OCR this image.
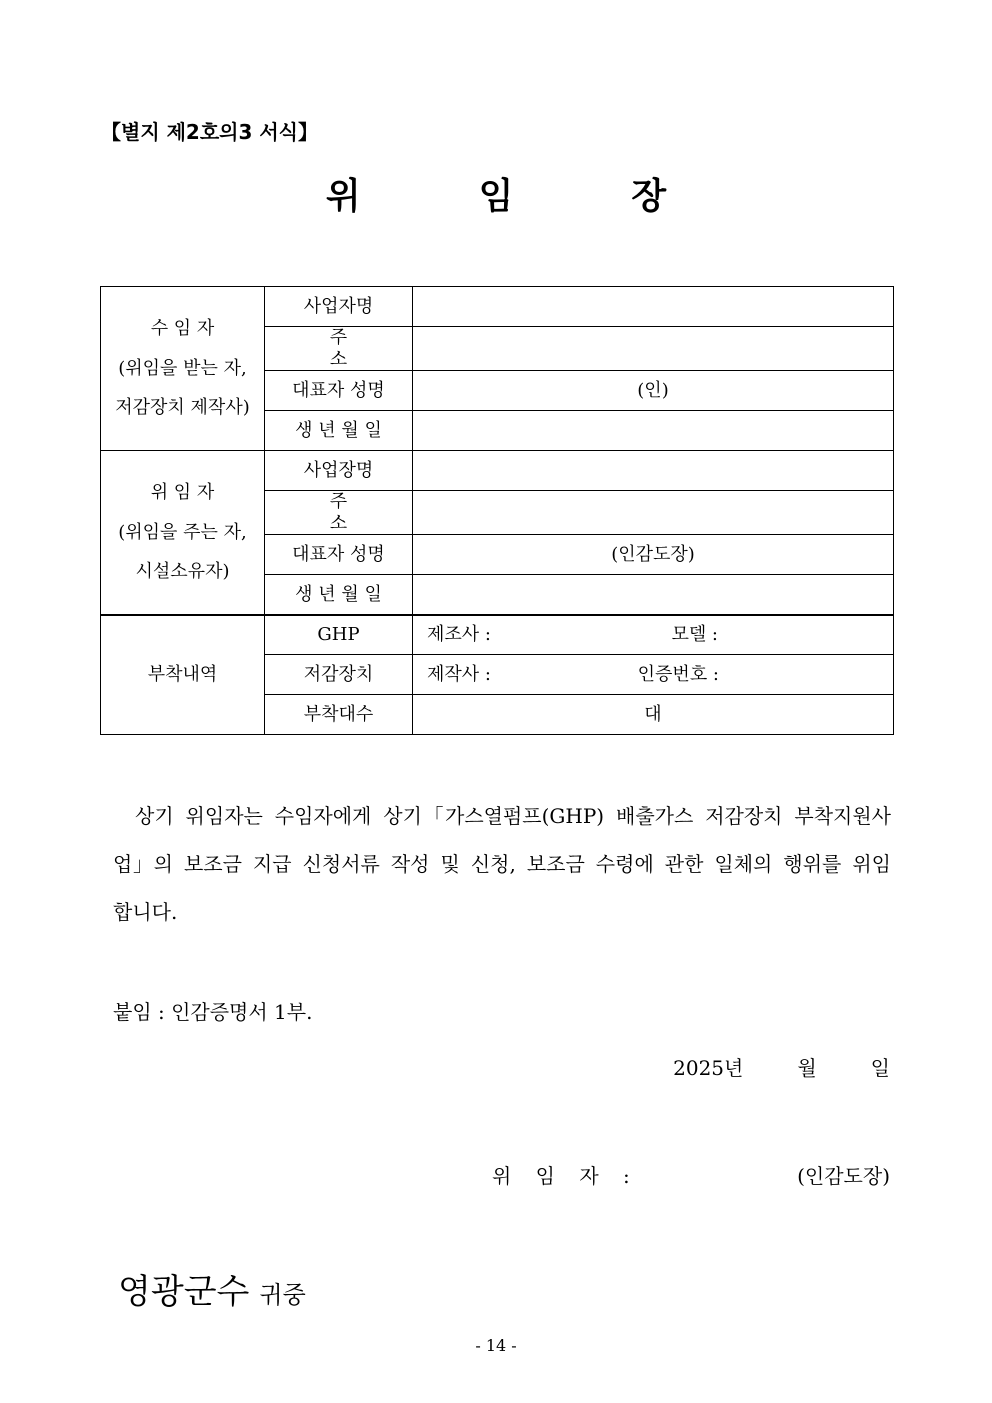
【별지 제2호의3 서식】
위	임	장
수 임 자
(위임을 받는 자,
저감장치 제작사)	사업자명	
	주 소	
	대표자 성명	(인)
	생 년 월 일	

위 임 자
(위임을 주는 자,
시설소유자)	사업장명	
	주 소	
	대표자 성명	(인감도장)
	생 년 월 일	
부착내역	GHP	제조사 : 모델 :

	저감장치	제작사 : 인증번호 :

	부착대수	대
상기 위임자는 수임자에게 상기「가스열펌프(GHP) 배출가스 저감장치 부착지원사업」의 보조금 지급 신청서류 작성 및 신청, 보조금 수령에 관한 일체의 행위를 위임합니다.
붙임 : 인감증명서 1부.
2025년	월	일
위 임 자 :	(인감도장)
영광군수 귀중
- 14 -
